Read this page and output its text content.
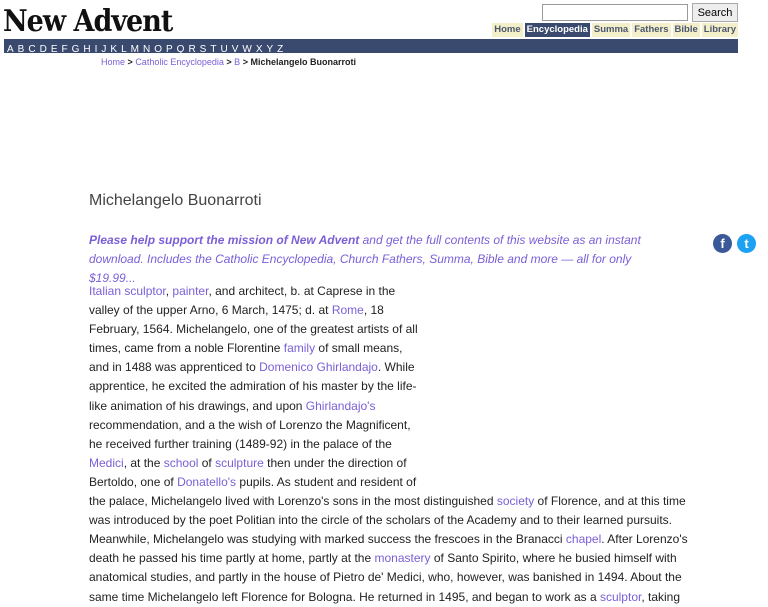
New Advent	Search
Home Encyclopedia Summa Fathers Bible Library
A B C D E F G H I J K L M N O P Q R S T U V W X Y Z
Home > Catholic Encyclopedia > B > Michelangelo Buonarroti
Michelangelo Buonarroti
Please help support the mission of New Advent and get the full contents of this website as an instant download. Includes the Catholic Encyclopedia, Church Fathers, Summa, Bible and more — all for only $19.99...
f	t
Italian sculptor, painter, and architect, b. at Caprese in the
valley of the upper Arno, 6 March, 1475; d. at Rome, 18
February, 1564. Michelangelo, one of the greatest artists of all
times, came from a noble Florentine family of small means,
and in 1488 was apprenticed to Domenico Ghirlandajo. While
apprentice, he excited the admiration of his master by the life-
like animation of his drawings, and upon Ghirlandajo's
recommendation, and a the wish of Lorenzo the Magnificent,
he received further training (1489-92) in the palace of the
Medici, at the school of sculpture then under the direction of
Bertoldo, one of Donatello's pupils. As student and resident of
the palace, Michelangelo lived with Lorenzo's sons in the most distinguished society of Florence, and at this time
was introduced by the poet Politian into the circle of the scholars of the Academy and to their learned pursuits.
Meanwhile, Michelangelo was studying with marked success the frescoes in the Branacci chapel. After Lorenzo's
death he passed his time partly at home, partly at the monastery of Santo Spirito, where he busied himself with
anatomical studies, and partly in the house of Pietro de' Medici, who, however, was banished in 1494. About the
same time Michelangelo left Florence for Bologna. He returned in 1495, and began to work as a sculptor, taking
